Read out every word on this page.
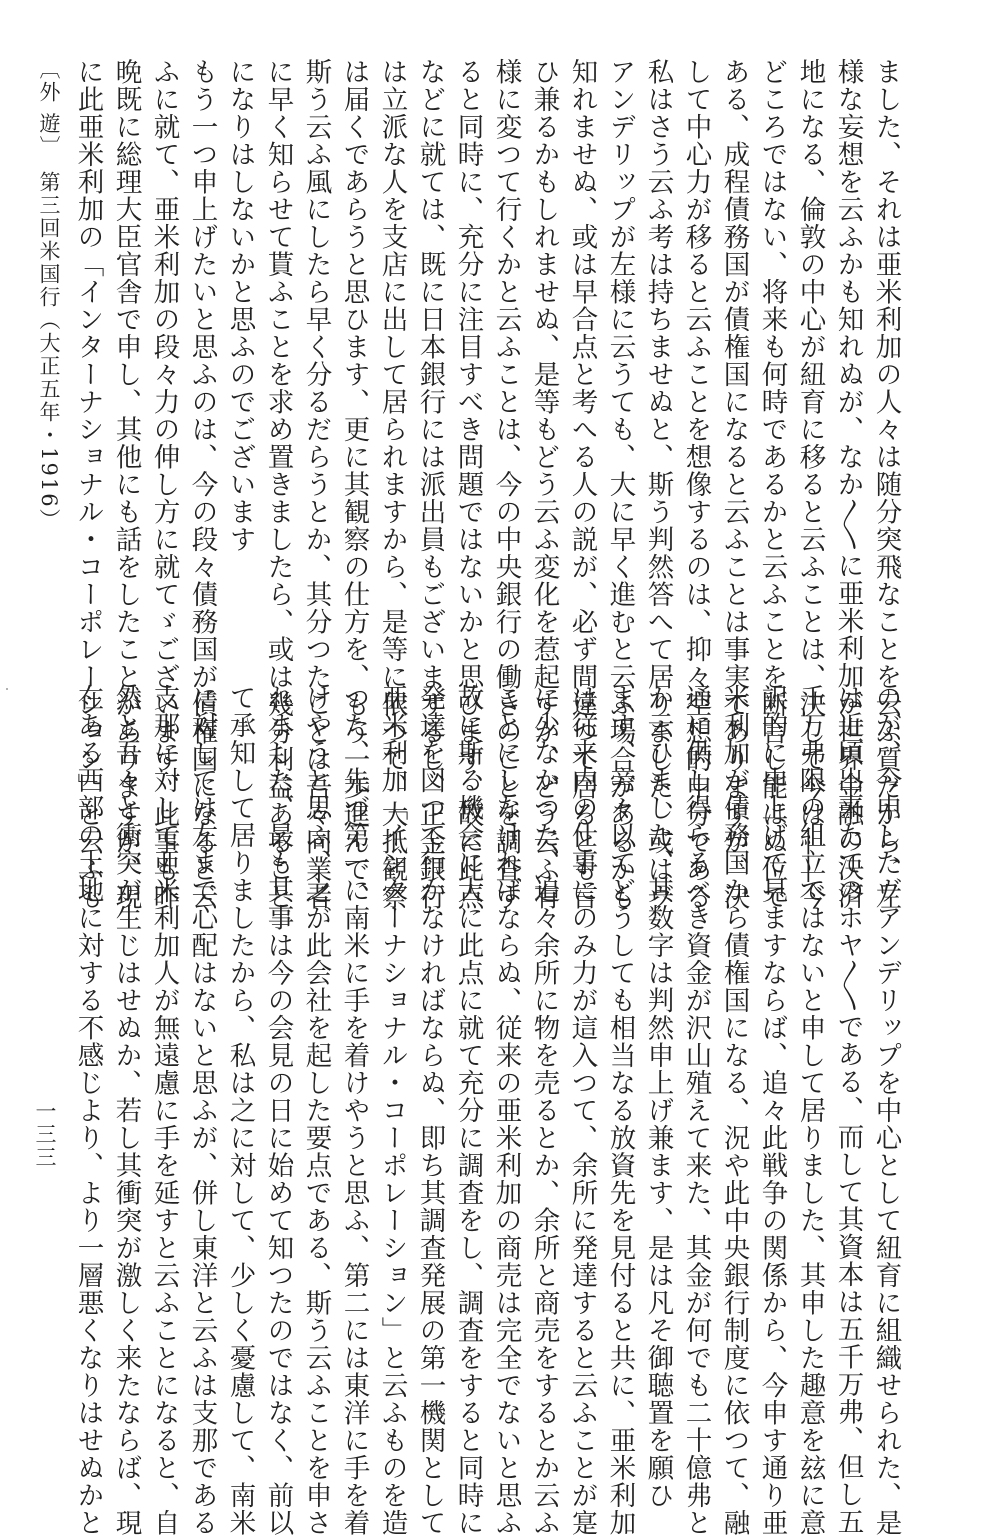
ました、それは亜米利加の人々は随分突飛なことを云ふ質だから、左
様な妄想を云ふかも知れぬが、なか〳〵に亜米利加が世界金融の決済
地になる、倫敦の中心が紐育に移ると云ふことは、決して今は――今
どころではない、将来も何時であるかと云ふことを断言し能はぬ位で
ある、成程債務国が債権国になると云ふことは事実でありますが、決
して中心力が移ると云ふことを想像するのは、抑々空想的申分である
私はさう云ふ考は持ちませぬと、斯う判然答へて居りました、或はヴ
アンデリップが左様に云うても、大に早く進むと云ふ場合があるかも
知れませぬ、或は早合点と考へる人の説が、必ず間違つて居るとも言
ひ兼るかもしれませぬ、是等もどう云ふ変化を惹起すか、どう云ふ有
様に変つて行くかと云ふことは、今の中央銀行の働きのことを調査す
ると同時に、充分に注目すべき問題ではないかと思ひます、故に此点
などに就ては、既に日本銀行には派出員もございまするし、正金銀行
は立派な人を支店に出して居られますから、是等に依つて、大抵観察
は届くであらうと思ひます、更に其観察の仕方を、もう一歩進んで、
斯う云ふ風にしたら早く分るだらうとか、其分つたことは吾々同業者
に早く知らせて貰ふことを求め置きましたら、或は幾分利益あること
になりはしないかと思ふのでございます
もう一つ申上げたいと思ふのは、今の段々債務国が債権国になると云
ふに就て、亜米利加の段々力の伸し方に就てゞございます、此事も昨
晩既に総理大臣官舎で申し、其他にも話をしたことがありますが、現
に此亜米利加の「インターナショナル・コーポレーション」と云ふも
のが、今申したヴアンデリップを中心として紐育に組織せられた、是
は近頃出来たてのホヤ〳〵である、而して其資本は五千万弗、但し五
千万弗限の組立ではないと申して居りました、其申した趣意を玆に意
訳的に申上げて見ますならば、追々此戦争の関係から、今申す通り亜
米利加が債務国から債権国になる、況や此中央銀行制度に依つて、融
通に供し得らるべき資金が沢山殖えて来た、其金が何でも二十億弗と
か云ひました、其数字は判然申上げ兼ます、是は凡そ御聴置を願ひ
ます、旁々以てどうしても相当なる放資先を見付ると共に、亜米利加
は従来内の仕事にのみ力が這入つて、余所に発達すると云ふことが寔
に少なかつた、追々余所に物を売るとか、余所と商売をするとか云ふ
ことにしなければならぬ、従来の亜米利加の商売は完全でないと思ふ
故に斯る機会に大に此点に就て充分に調査をし、調査をすると同時に
発達を図つて行かなければならぬ、即ち其調査発展の第一機関として
亜米利加「インターナショナル・コーポレーション」と云ふものを造
つた、先づ第一に南米に手を着けやうと思ふ、第二には東洋に手を着
けやうと思ふ、之が此会社を起した要点である、斯う云ふことを申さ
れました、最も其事は今の会見の日に始めて知つたのではなく、前以
て承知して居りましたから、私は之に対して、少しく憂慮して、南米
に対しては左まで心配はないと思ふが、併し東洋と云ふは支那である
支那に対して亜米利加人が無遠慮に手を延すと云ふことになると、自
然と吾々と衝突が生じはせぬか、若し其衝突が激しく来たならば、現
在ある西部の土地に対する不感じより、より一層悪くなりはせぬかと
〔外 遊〕　第三回米国行（大正五年・1916）
一三三
